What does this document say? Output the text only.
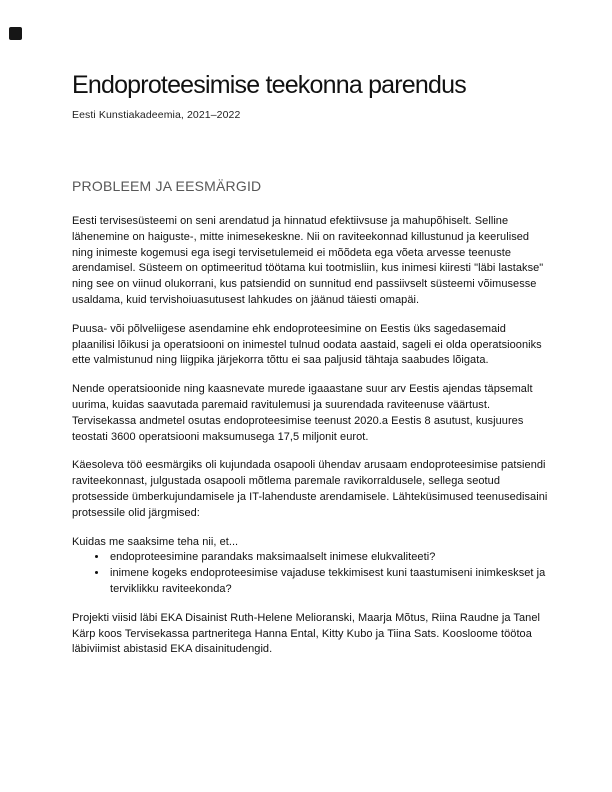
Endoproteesimise teekonna parendus

Eesti Kunstiakadeemia, 2021–2022

PROBLEEM JA EESMÄRGID

Eesti tervisesüsteemi on seni arendatud ja hinnatud efektiivsuse ja mahupõhiselt. Selline lähenemine on haiguste-, mitte inimesekeskne. Nii on raviteekonnad killustunud ja keerulised ning inimeste kogemusi ega isegi tervisetulemeid ei mõõdeta ega võeta arvesse teenuste arendamisel. Süsteem on optimeeritud töötama kui tootmisliin, kus inimesi kiiresti "läbi lastakse" ning see on viinud olukorrani, kus patsiendid on sunnitud end passiivselt süsteemi võimusesse usaldama, kuid tervishoiuasutusest lahkudes on jäänud täiesti omapäi.

Puusa- või põlveliigese asendamine ehk endoproteesimine on Eestis üks sagedasemaid plaanilisi lõikusi ja operatsiooni on inimestel tulnud oodata aastaid, sageli ei olda operatsiooniks ette valmistunud ning liigpika järjekorra tõttu ei saa paljusid tähtaja saabudes lõigata.

Nende operatsioonide ning kaasnevate murede igaaastane suur arv Eestis ajendas täpsemalt uurima, kuidas saavutada paremaid ravitulemusi ja suurendada raviteenuse väärtust. Tervisekassa andmetel osutas endoproteesimise teenust 2020.a Eestis 8 asutust, kusjuures teostati 3600 operatsiooni maksumusega 17,5 miljonit eurot.

Käesoleva töö eesmärgiks oli kujundada osapooli ühendav arusaam endoproteesimise patsiendi raviteekonnast, julgustada osapooli mõtlema paremale ravikorraldusele, sellega seotud protsesside ümberkujundamisele ja IT-lahenduste arendamisele. Lähteküsimused teenusedisaini protsessile olid järgmised:

Kuidas me saaksime teha nii, et...

• endoproteesimine parandaks maksimaalselt inimese elukvaliteeti?
• inimene kogeks endoproteesimise vajaduse tekkimisest kuni taastumiseni inimkeskset ja terviklikku raviteekonda?

Projekti viisid läbi EKA Disainist Ruth-Helene Melioranski, Maarja Mõtus, Riina Raudne ja Tanel Kärp koos Tervisekassa partneritega Hanna Ental, Kitty Kubo ja Tiina Sats. Koosloome töötoa läbiviimist abistasid EKA disainitudengid.
